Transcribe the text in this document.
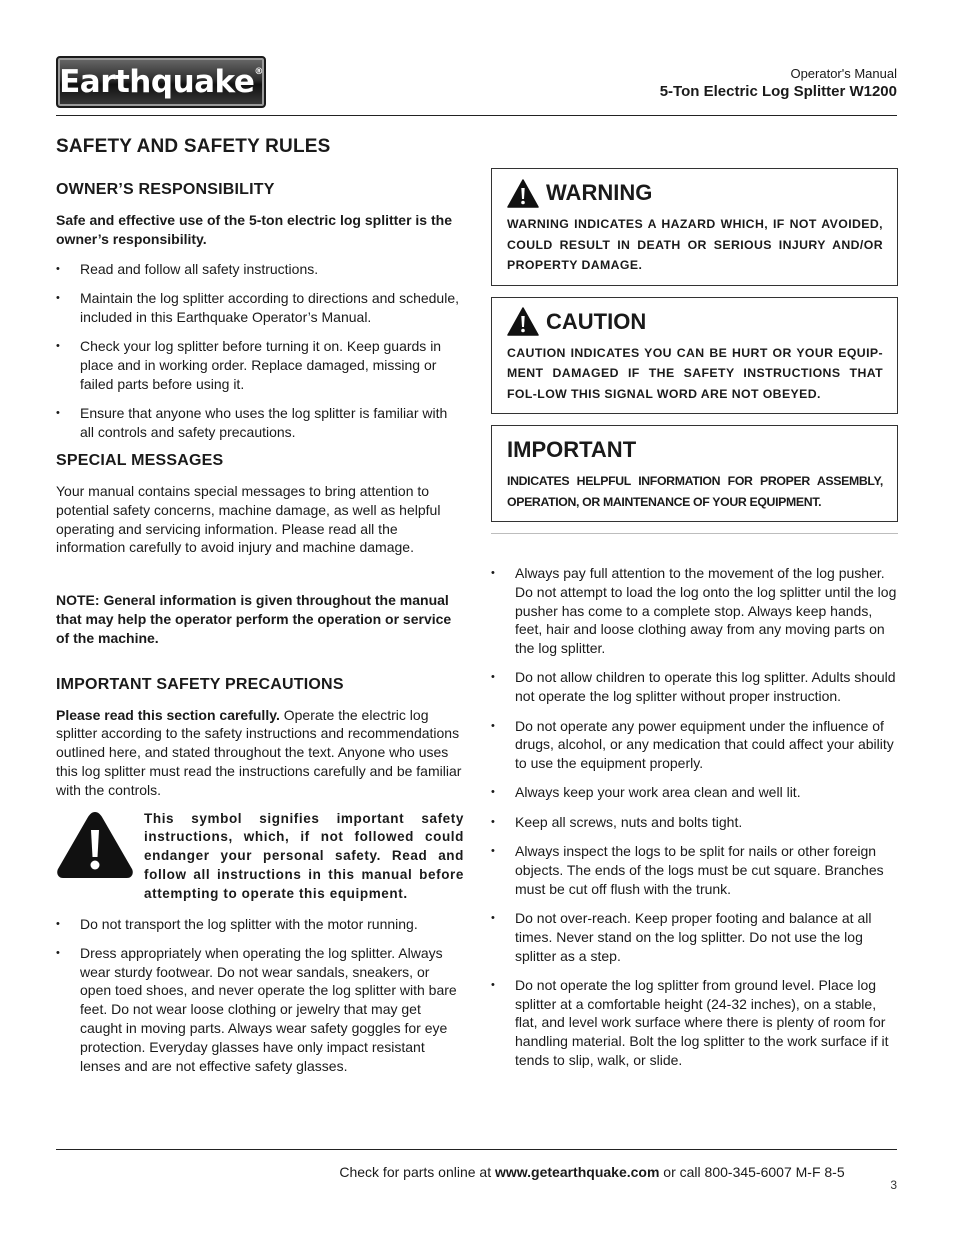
Earthquake®	Operator's Manual
5-Ton Electric Log Splitter W1200
SAFETY AND SAFETY RULES
OWNER’S RESPONSIBILITY

Safe and effective use of the 5-ton electric log splitter is the owner’s responsibility.

• Read and follow all safety instructions.
• Maintain the log splitter according to directions and schedule, included in this Earthquake Operator’s Manual.
• Check your log splitter before turning it on. Keep guards in place and in working order. Replace damaged, missing or failed parts before using it.
• Ensure that anyone who uses the log splitter is familiar with all controls and safety precautions.
SPECIAL MESSAGES

Your manual contains special messages to bring attention to potential safety concerns, machine damage, as well as helpful operating and servicing information. Please read all the information carefully to avoid injury and machine damage.

NOTE: General information is given throughout the manual that may help the operator perform the operation or service of the machine.

IMPORTANT SAFETY PRECAUTIONS

Please read this section carefully. Operate the electric log splitter according to the safety instructions and recommendations outlined here, and stated throughout the text. Anyone who uses this log splitter must read the instructions carefully and be familiar with the controls.

This symbol signifies important safety instructions, which, if not followed could endanger your personal safety. Read and follow all instructions in this manual before attempting to operate this equipment.
• Do not transport the log splitter with the motor running.
• Dress appropriately when operating the log splitter. Always wear sturdy footwear. Do not wear sandals, sneakers, or open toed shoes, and never operate the log splitter with bare feet. Do not wear loose clothing or jewelry that may get caught in moving parts. Always wear safety goggles for eye protection. Everyday glasses have only impact resistant lenses and are not effective safety glasses.
WARNING
WARNING INDICATES A HAZARD WHICH, IF NOT AVOIDED, COULD RESULT IN DEATH OR SERIOUS INJURY AND/OR PROPERTY DAMAGE.
CAUTION
CAUTION INDICATES YOU CAN BE HURT OR YOUR EQUIP-MENT DAMAGED IF THE SAFETY INSTRUCTIONS THAT FOL-LOW THIS SIGNAL WORD ARE NOT OBEYED.
IMPORTANT
INDICATES HELPFUL INFORMATION FOR PROPER ASSEMBLY, OPERATION, OR MAINTENANCE OF YOUR EQUIPMENT.
• Always pay full attention to the movement of the log pusher. Do not attempt to load the log onto the log splitter until the log pusher has come to a complete stop. Always keep hands, feet, hair and loose clothing away from any moving parts on the log splitter.
• Do not allow children to operate this log splitter. Adults should not operate the log splitter without proper instruction.
• Do not operate any power equipment under the influence of drugs, alcohol, or any medication that could affect your ability to use the equipment properly.
• Always keep your work area clean and well lit.
• Keep all screws, nuts and bolts tight.
• Always inspect the logs to be split for nails or other foreign objects. The ends of the logs must be cut square. Branches must be cut off flush with the trunk.
• Do not over-reach. Keep proper footing and balance at all times. Never stand on the log splitter. Do not use the log splitter as a step.
• Do not operate the log splitter from ground level. Place log splitter at a comfortable height (24-32 inches), on a stable, flat, and level work surface where there is plenty of room for handling material. Bolt the log splitter to the work surface if it tends to slip, walk, or slide.
Check for parts online at www.getearthquake.com or call 800-345-6007 M-F 8-5
3
